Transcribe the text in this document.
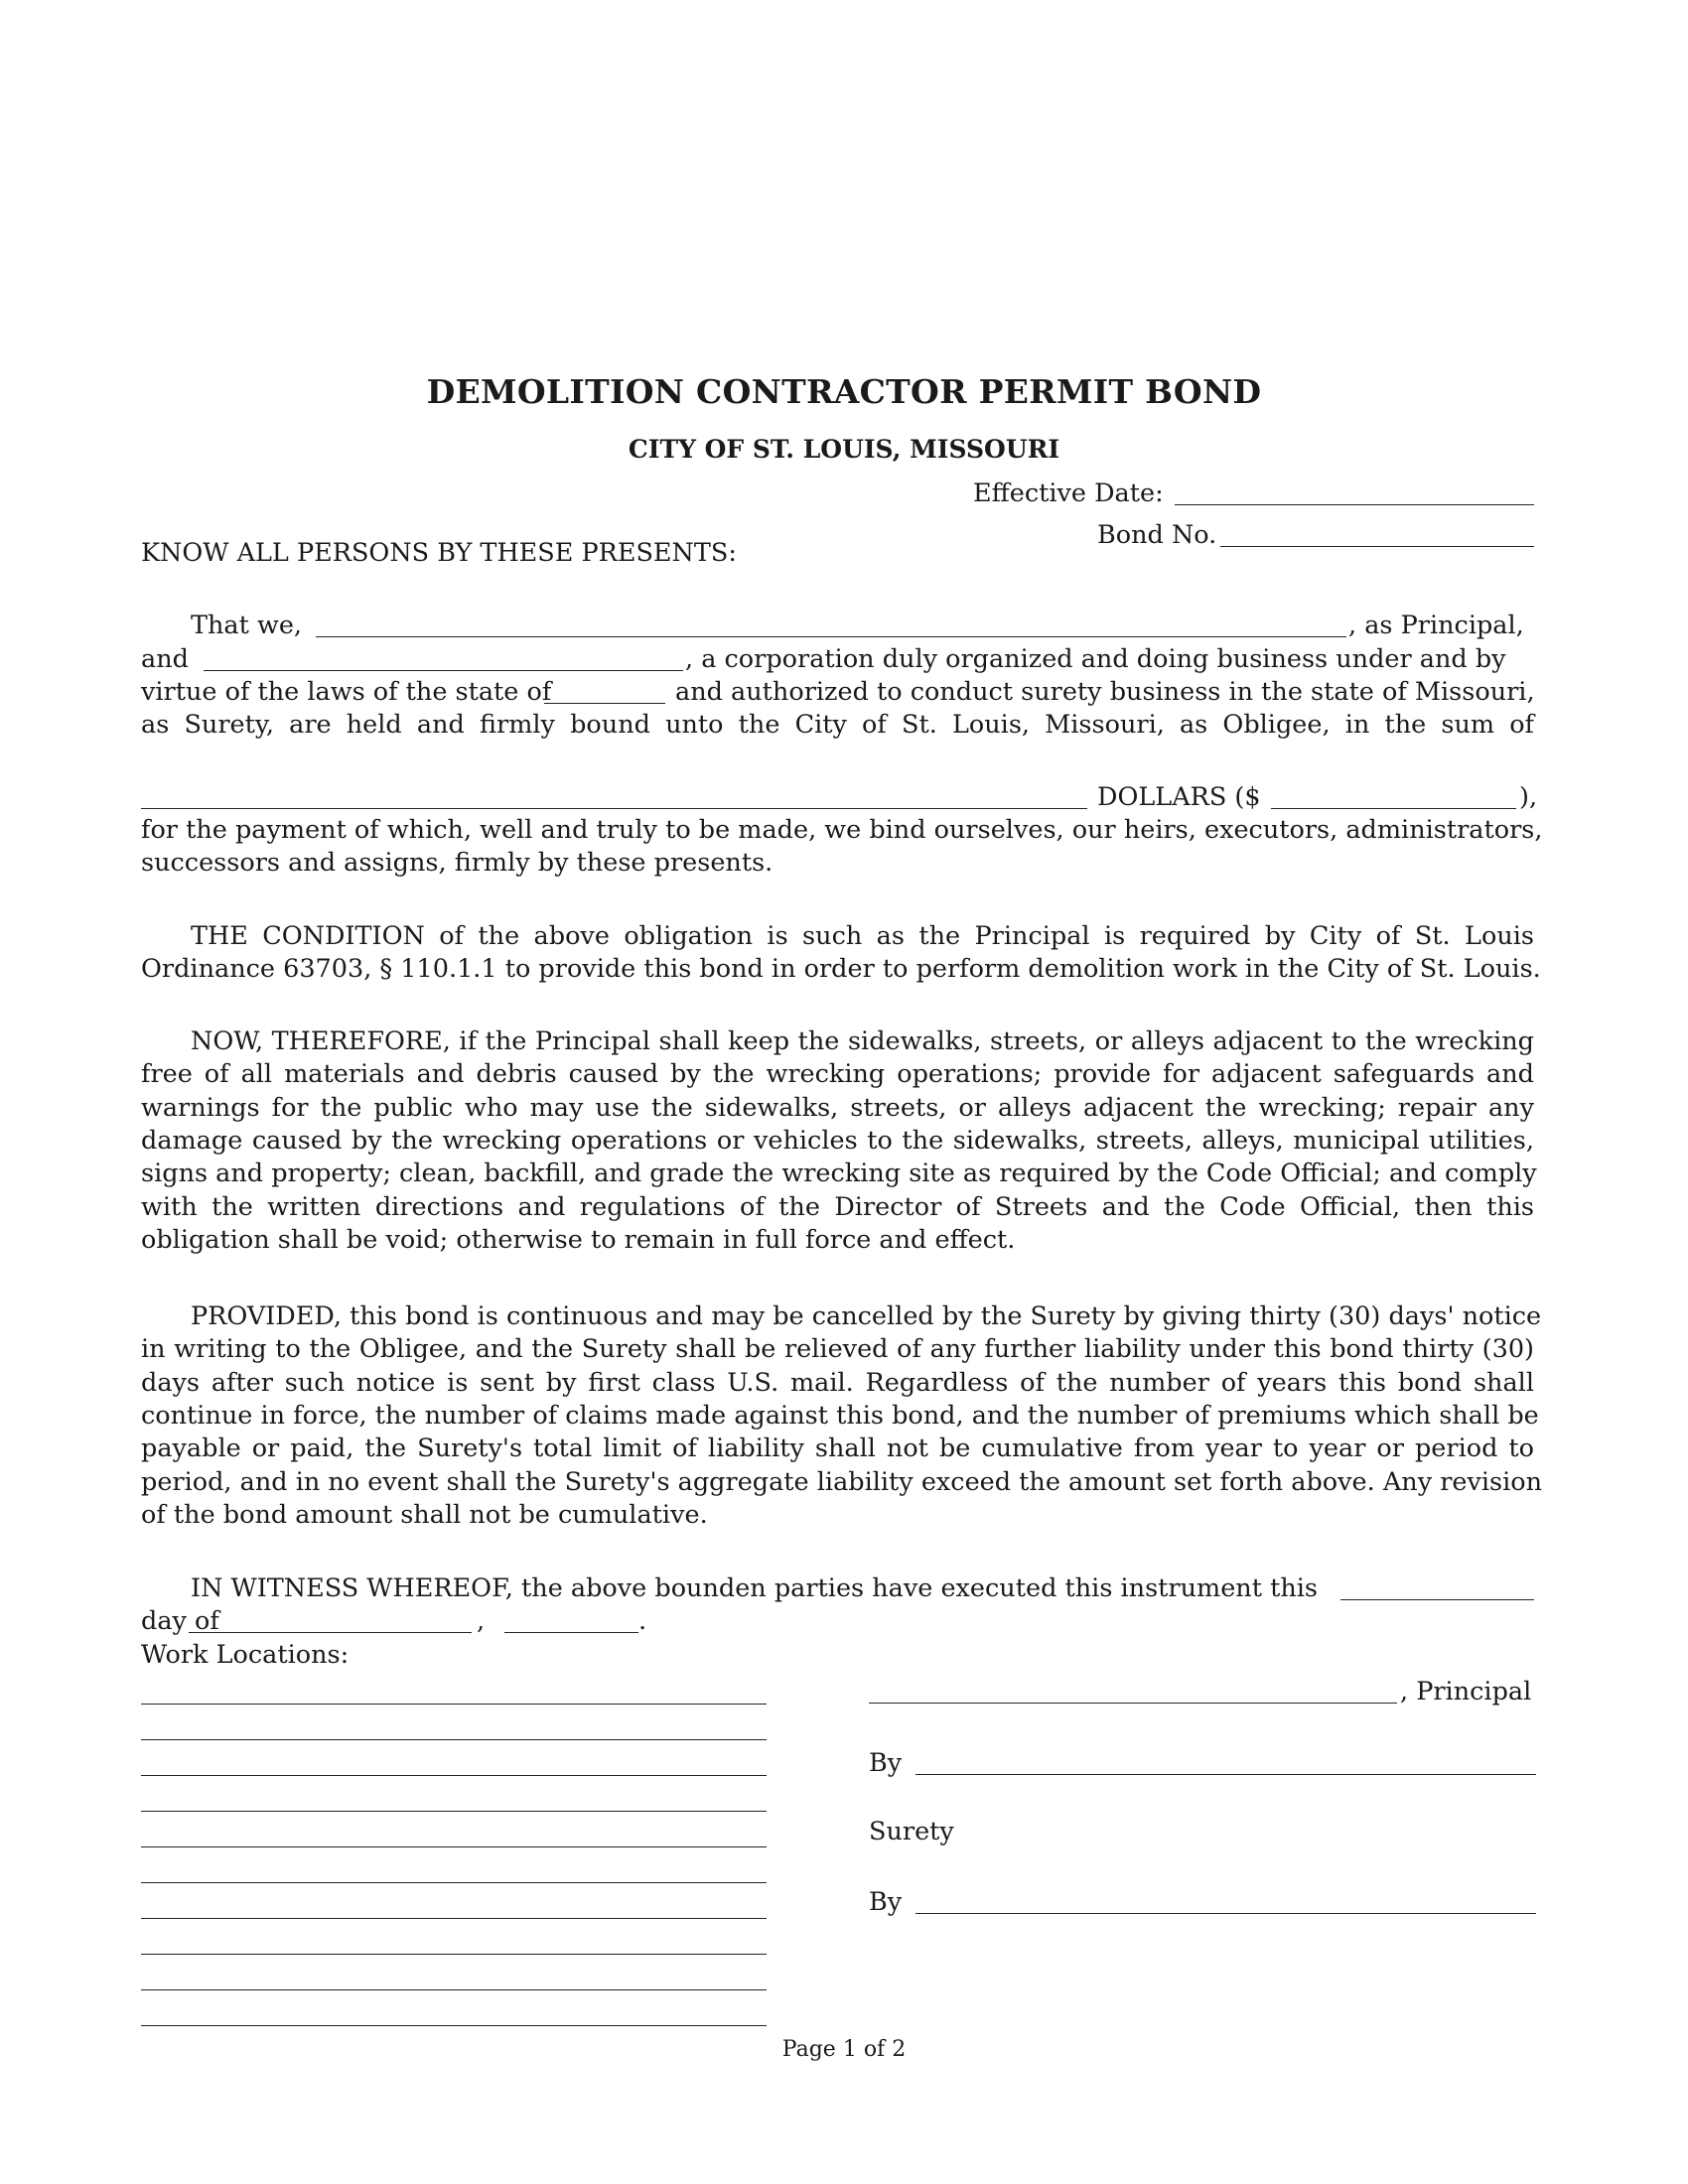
DEMOLITION CONTRACTOR PERMIT BOND
CITY OF ST. LOUIS, MISSOURI
Effective Date:
Bond No.
KNOW ALL PERSONS BY THESE PRESENTS:
That we,	, as Principal,
and	, a corporation duly organized and doing business under and by
virtue of the laws of the state of	and authorized to conduct surety business in the state of Missouri,
as Surety, are held and firmly bound unto the City of St. Louis, Missouri, as Obligee, in the sum of
DOLLARS ($	),
for the payment of which, well and truly to be made, we bind ourselves, our heirs, executors, administrators,
successors and assigns, firmly by these presents.
THE CONDITION of the above obligation is such as the Principal is required by City of St. Louis
Ordinance 63703, § 110.1.1 to provide this bond in order to perform demolition work in the City of St. Louis.
NOW, THEREFORE, if the Principal shall keep the sidewalks, streets, or alleys adjacent to the wrecking
free of all materials and debris caused by the wrecking operations; provide for adjacent safeguards and
warnings for the public who may use the sidewalks, streets, or alleys adjacent the wrecking; repair any
damage caused by the wrecking operations or vehicles to the sidewalks, streets, alleys, municipal utilities,
signs and property; clean, backfill, and grade the wrecking site as required by the Code Official; and comply
with the written directions and regulations of the Director of Streets and the Code Official, then this
obligation shall be void; otherwise to remain in full force and effect.
PROVIDED, this bond is continuous and may be cancelled by the Surety by giving thirty (30) days' notice
in writing to the Obligee, and the Surety shall be relieved of any further liability under this bond thirty (30)
days after such notice is sent by first class U.S. mail. Regardless of the number of years this bond shall
continue in force, the number of claims made against this bond, and the number of premiums which shall be
payable or paid, the Surety's total limit of liability shall not be cumulative from year to year or period to
period, and in no event shall the Surety's aggregate liability exceed the amount set forth above. Any revision
of the bond amount shall not be cumulative.
IN WITNESS WHEREOF, the above bounden parties have executed this instrument this
day of	,	.
Work Locations:
, Principal
By
Surety
By
Page 1 of 2
